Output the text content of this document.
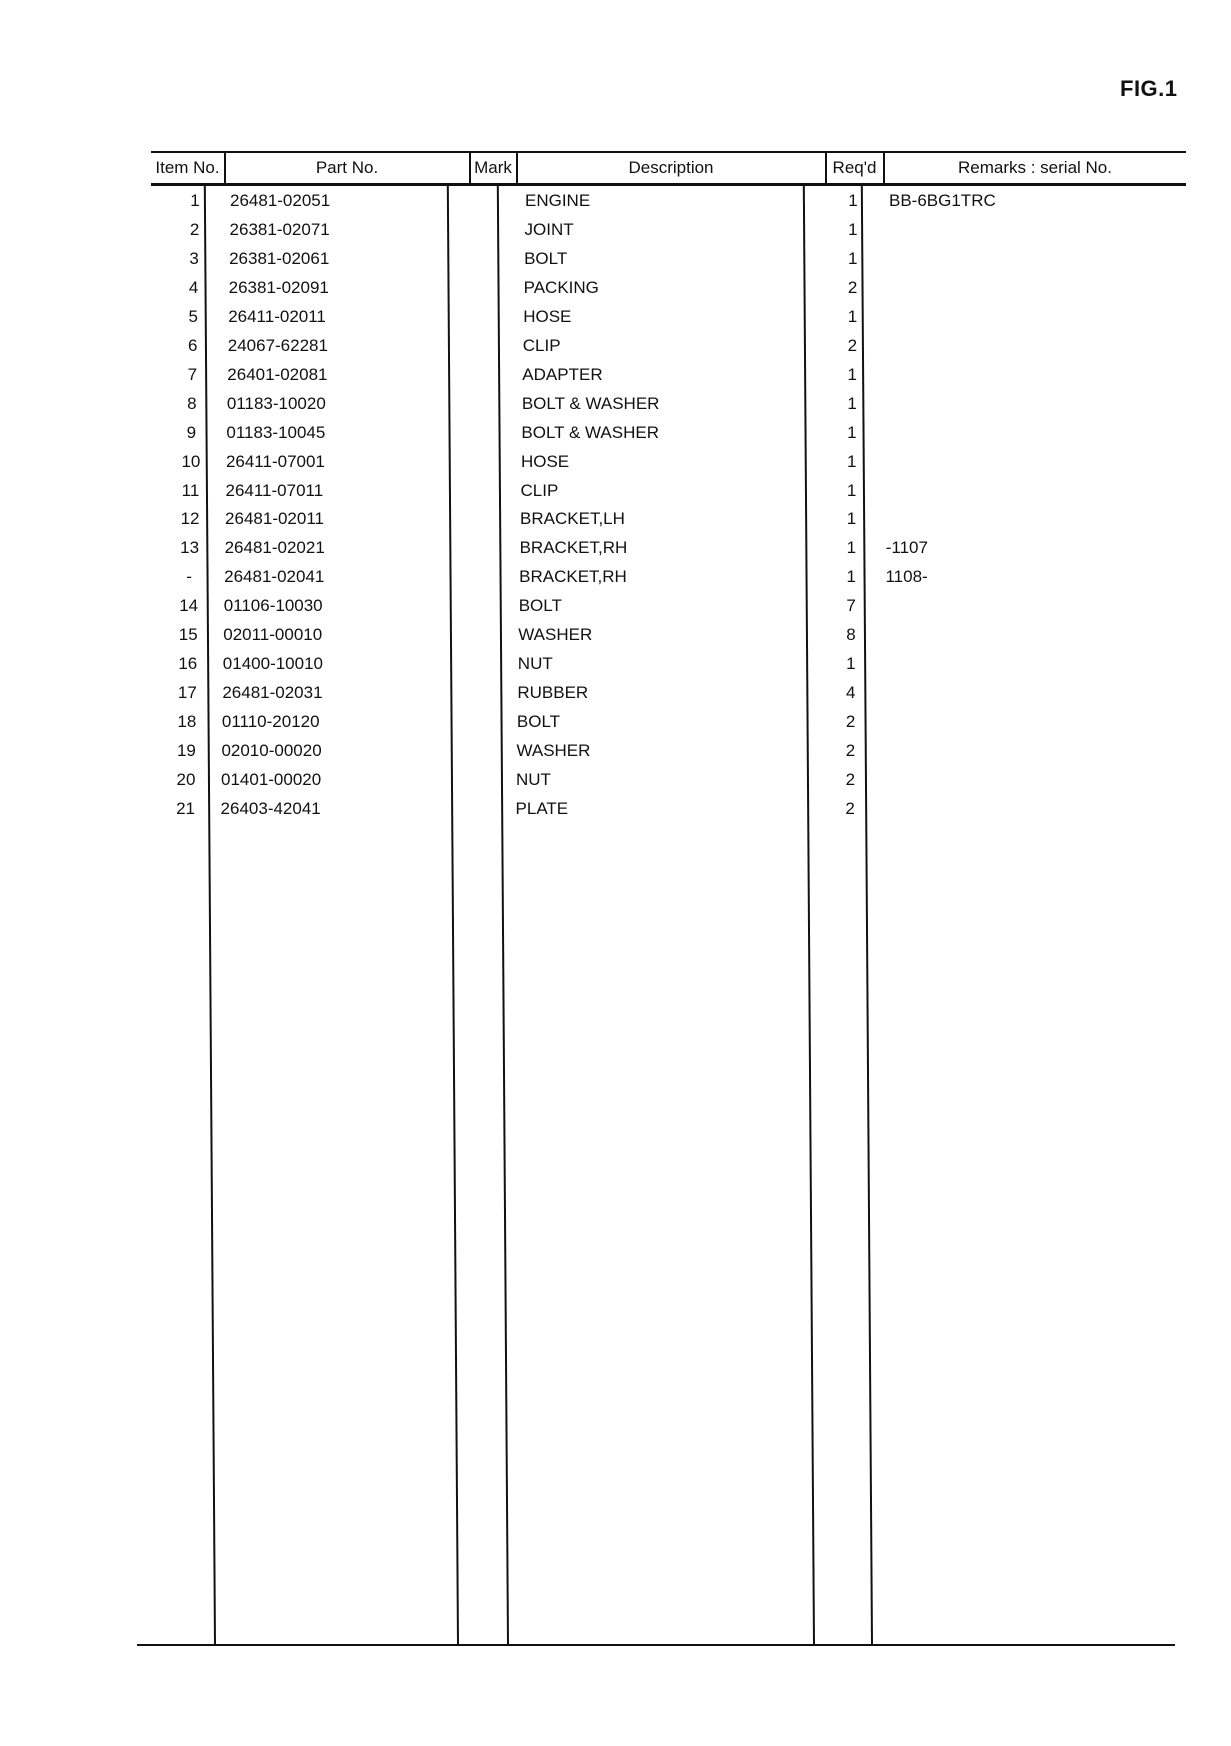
FIG.1
Item No.	Part No.	Mark	Description	Req'd	Remarks : serial No.
1	26481-02051	ENGINE	1	BB-6BG1TRC
2	26381-02071	JOINT	1
3	26381-02061	BOLT	1
4	26381-02091	PACKING	2
5	26411-02011	HOSE	1
6	24067-62281	CLIP	2
7	26401-02081	ADAPTER	1
8	01183-10020	BOLT & WASHER	1
9	01183-10045	BOLT & WASHER	1
10	26411-07001	HOSE	1
11	26411-07011	CLIP	1
12	26481-02011	BRACKET,LH	1
13	26481-02021	BRACKET,RH	1	-1107
-	26481-02041	BRACKET,RH	1	1108-
14	01106-10030	BOLT	7
15	02011-00010	WASHER	8
16	01400-10010	NUT	1
17	26481-02031	RUBBER	4
18	01110-20120	BOLT	2
19	02010-00020	WASHER	2
20	01401-00020	NUT	2
21	26403-42041	PLATE	2
